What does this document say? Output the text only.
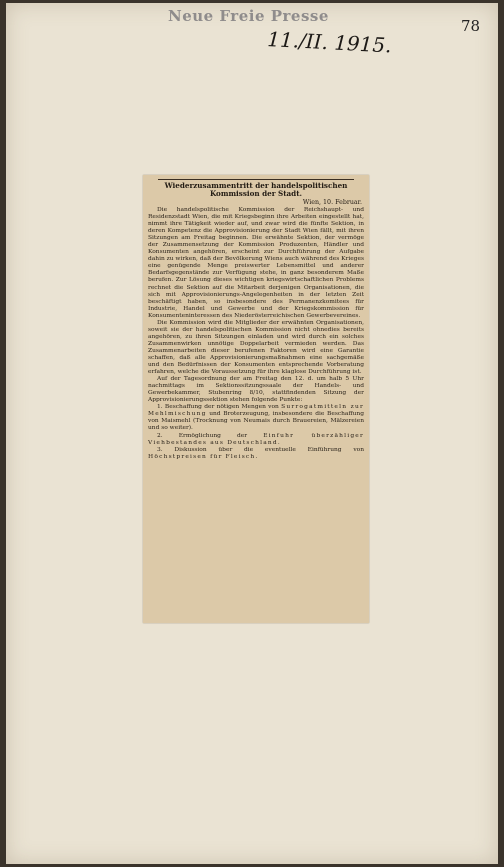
Neue Freie Presse
11./II. 1915.
78
Wiederzusammentritt der handelspolitischen
Kommission der Stadt.
Wien, 10. Februar.

Die handelspolitische Kommission der Reichshaupt- und Residenzstadt Wien, die mit Kriegsbeginn ihre Arbeiten eingestellt hat, nimmt ihre Tätigkeit wieder auf, und zwar wird die fünfte Sektion, in deren Kompetenz die Approvisionierung der Stadt Wien fällt, mit ihren Sitzungen am Freitag beginnen. Die erwähnte Sektion, der vermöge der Zusammensetzung der Kommission Produzenten, Händler und Konsumenten angehören, erscheint zur Durchführung der Aufgabe dahin zu wirken, daß der Bevölkerung Wiens auch während des Krieges eine genügende Menge preiswerter Lebensmittel und anderer Bedarfsgegenstände zur Verfügung stehe, in ganz besonderem Maße berufen. Zur Lösung dieses wichtigen kriegswirtschaftlichen Problems rechnet die Sektion auf die Mitarbeit derjenigen Organisationen, die sich mit Approvisionierungs-Angelegenheiten in der letzten Zeit beschäftigt haben, so insbesondere des Permanenzkomitees für Industrie, Handel und Gewerbe und der Kriegskommission für Konsumenteninteressen des Niederösterreichischen Gewerbevereines.

Die Kommission wird die Mitglieder der erwähnten Organisationen, soweit sie der handelspolitischen Kommission nicht ohnedies bereits angehören, zu ihren Sitzungen einladen und wird durch ein solches Zusammenwirken unnötige Doppelarbeit vermieden werden. Das Zusammenarbeiten dieser berufenen Faktoren wird eine Garantie schaffen, daß alle Approvisionierungsmaßnahmen eine sachgemäße und den Bedürfnissen der Konsumenten entsprechende Vorberatung erfahren, welche die Voraussetzung für ihre klaglose Durchführung ist.

Auf der Tagesordnung der am Freitag den 12. d. um halb 5 Uhr nachmittags im Sektionssitzungssaale der Handels- und Gewerbekammer, Stubenring 8/10, stattfindenden Sitzung der Approvisionierungssektion stehen folgende Punkte:

1. Beschaffung der nötigen Mengen von Surrogatmitteln zur Mehlmischung und Broterzeugung, insbesondere die Beschaffung von Maismehl (Trocknung von Neumais durch Brauereien, Mälzereien und so weiter).

2. Ermöglichung der Einfuhr überzähliger Viehbestandes aus Deutschland.

3. Diskussion über die eventuelle Einführung von Höchstpreisen für Fleisch.
